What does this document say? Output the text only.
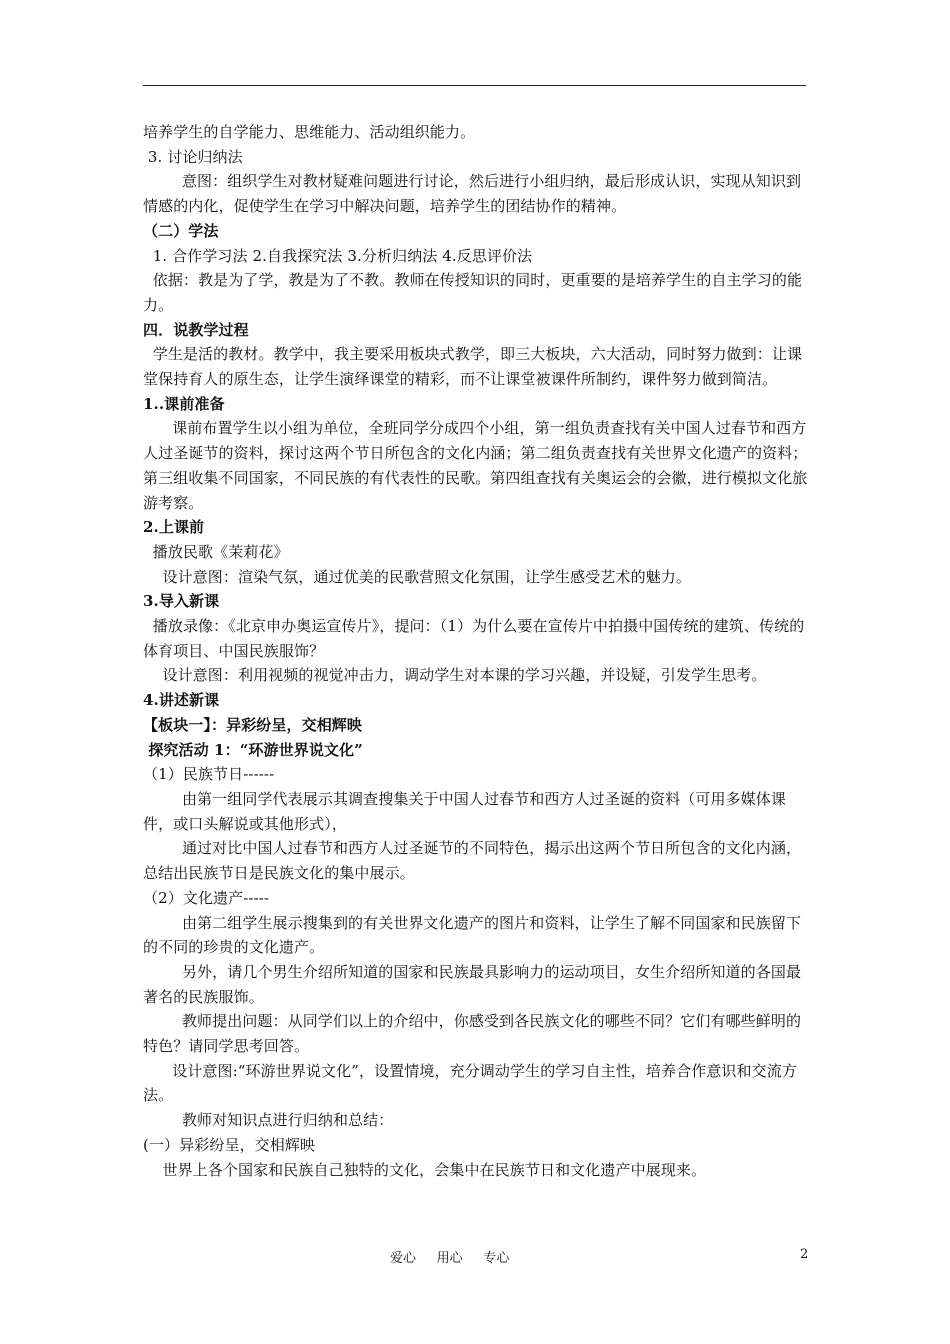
培养学生的自学能力、思维能力、活动组织能力。

3. 讨论归纳法

意图：组织学生对教材疑难问题进行讨论，然后进行小组归纳，最后形成认识，实现从知识到情感的内化，促使学生在学习中解决问题，培养学生的团结协作的精神。

（二）学法

1. 合作学习法 2.自我探究法 3.分析归纳法 4.反思评价法

依据：教是为了学，教是为了不教。教师在传授知识的同时，更重要的是培养学生的自主学习的能力。

四．说教学过程

学生是活的教材。教学中，我主要采用板块式教学，即三大板块，六大活动，同时努力做到：让课堂保持育人的原生态，让学生演绎课堂的精彩，而不让课堂被课件所制约，课件努力做到简洁。

1..课前准备

课前布置学生以小组为单位，全班同学分成四个小组，第一组负责查找有关中国人过春节和西方人过圣诞节的资料，探讨这两个节日所包含的文化内涵；第二组负责查找有关世界文化遗产的资料；第三组收集不同国家，不同民族的有代表性的民歌。第四组查找有关奥运会的会徽，进行模拟文化旅游考察。

2.上课前

播放民歌《茉莉花》

设计意图：渲染气氛，通过优美的民歌营照文化氛围，让学生感受艺术的魅力。

3.导入新课

播放录像：《北京申办奥运宣传片》，提问：（1）为什么要在宣传片中拍摄中国传统的建筑、传统的体育项目、中国民族服饰？

设计意图：利用视频的视觉冲击力，调动学生对本课的学习兴趣，并设疑，引发学生思考。

4.讲述新课

【板块一】：异彩纷呈，交相辉映

探究活动 1：“环游世界说文化”

（1）民族节日------

由第一组同学代表展示其调查搜集关于中国人过春节和西方人过圣诞的资料（可用多媒体课件，或口头解说或其他形式），

通过对比中国人过春节和西方人过圣诞节的不同特色，揭示出这两个节日所包含的文化内涵，总结出民族节日是民族文化的集中展示。

（2）文化遗产-----

由第二组学生展示搜集到的有关世界文化遗产的图片和资料，让学生了解不同国家和民族留下的不同的珍贵的文化遗产。

另外，请几个男生介绍所知道的国家和民族最具影响力的运动项目，女生介绍所知道的各国最著名的民族服饰。

教师提出问题：从同学们以上的介绍中，你感受到各民族文化的哪些不同？它们有哪些鲜明的特色？请同学思考回答。

设计意图:“环游世界说文化”，设置情境，充分调动学生的学习自主性，培养合作意识和交流方法。

教师对知识点进行归纳和总结：

(一）异彩纷呈，交相辉映

世界上各个国家和民族自己独特的文化，会集中在民族节日和文化遗产中展现来。

爱心     用心     专心	2
